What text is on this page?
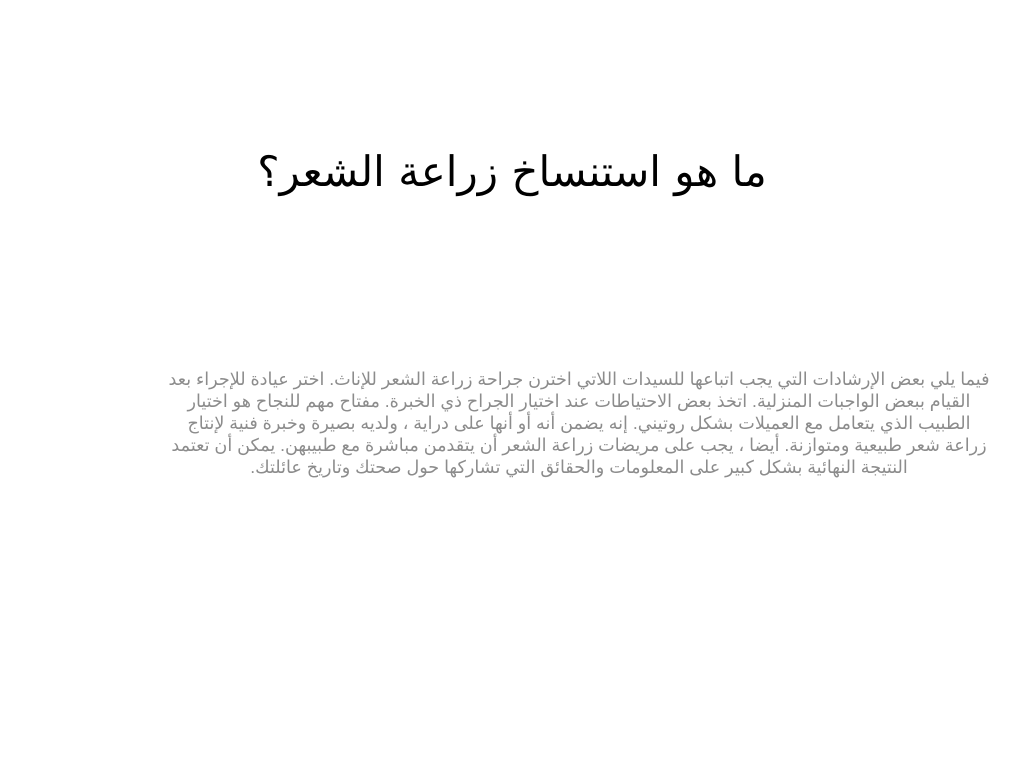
ما هو استنساخ زراعة الشعر؟

فيما يلي بعض الإرشادات التي يجب اتباعها للسيدات اللاتي اخترن جراحة زراعة الشعر للإناث. اختر عيادة للإجراء بعد القيام ببعض الواجبات المنزلية. اتخذ بعض الاحتياطات عند اختيار الجراح ذي الخبرة. مفتاح مهم للنجاح هو اختيار الطبيب الذي يتعامل مع العميلات بشكل روتيني. إنه يضمن أنه أو أنها على دراية ، ولديه بصيرة وخبرة فنية لإنتاج زراعة شعر طبيعية ومتوازنة. أيضا ، يجب على مريضات زراعة الشعر أن يتقدمن مباشرة مع طبيبهن. يمكن أن تعتمد النتيجة النهائية بشكل كبير على المعلومات والحقائق التي تشاركها حول صحتك وتاريخ عائلتك.
